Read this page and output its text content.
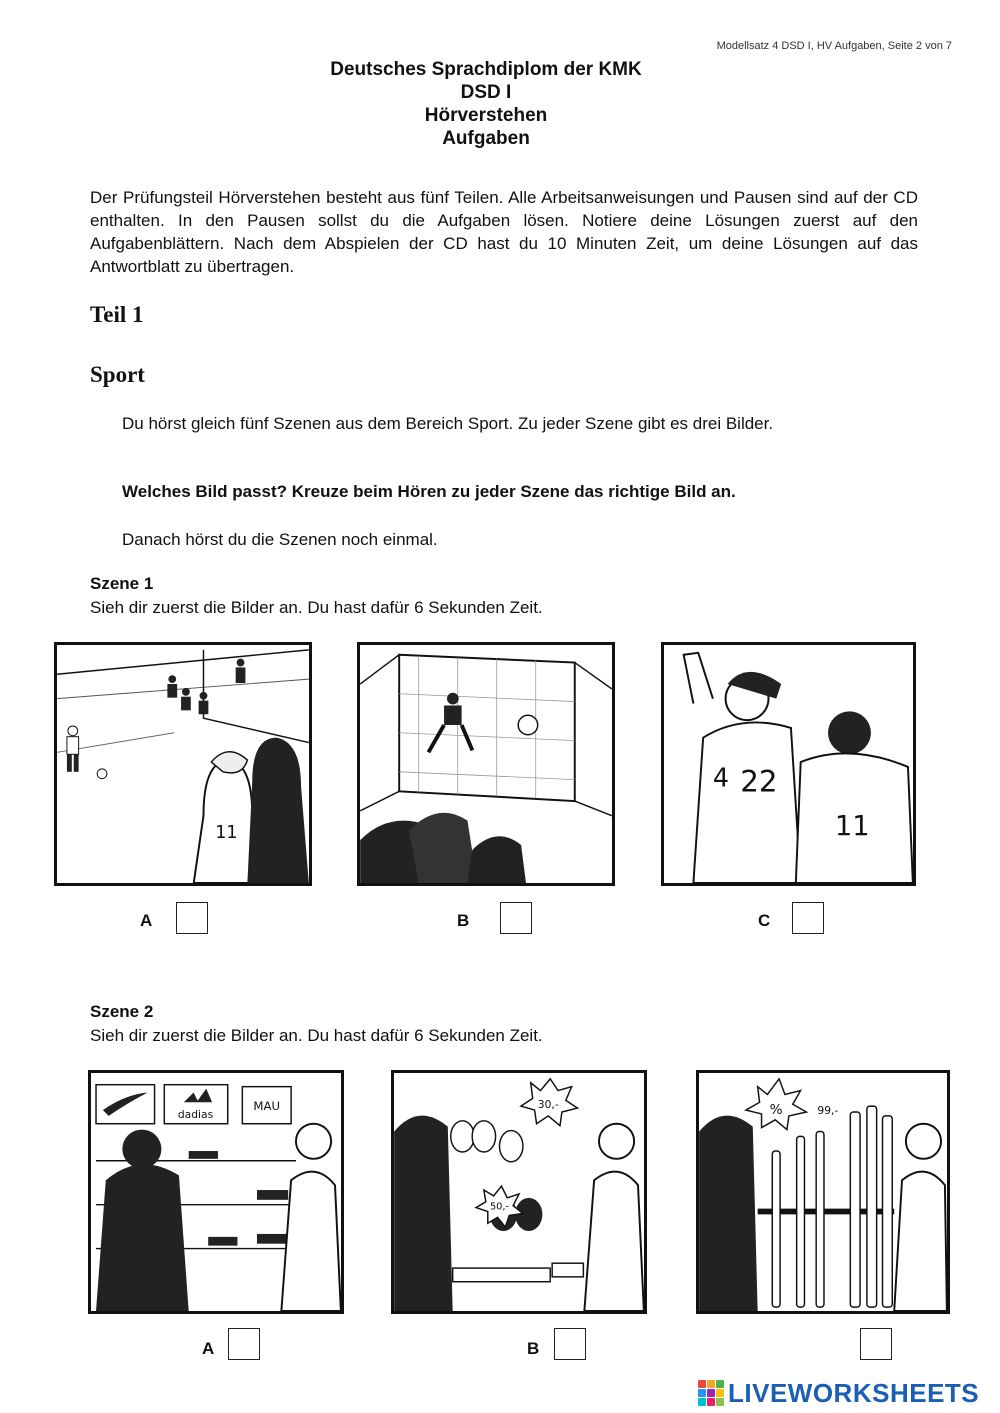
Modellsatz 4 DSD I, HV Aufgaben, Seite 2 von 7
Deutsches Sprachdiplom der KMK
DSD I
Hörverstehen
Aufgaben
Der Prüfungsteil Hörverstehen besteht aus fünf Teilen. Alle Arbeitsanweisungen und Pausen sind auf der CD enthalten. In den Pausen sollst du die Aufgaben lösen. Notiere deine Lösungen zuerst auf den Aufgabenblättern. Nach dem Abspielen der CD hast du 10 Minuten Zeit, um deine Lösungen auf das Antwortblatt zu übertragen.
Teil 1
Sport
Du hörst gleich fünf Szenen aus dem Bereich Sport. Zu jeder Szene gibt es drei Bilder.
Welches Bild passt? Kreuze beim Hören zu jeder Szene das richtige Bild an.
Danach hörst du die Szenen noch einmal.
Szene 1
Sieh dir zuerst die Bilder an. Du hast dafür 6 Sekunden Zeit.
11
4 22
11
A	B	C
Szene 2
Sieh dir zuerst die Bilder an. Du hast dafür 6 Sekunden Zeit.
dadias
MAU	30,-
50,-
%	99,-
A	B
LIVEWORKSHEETS
